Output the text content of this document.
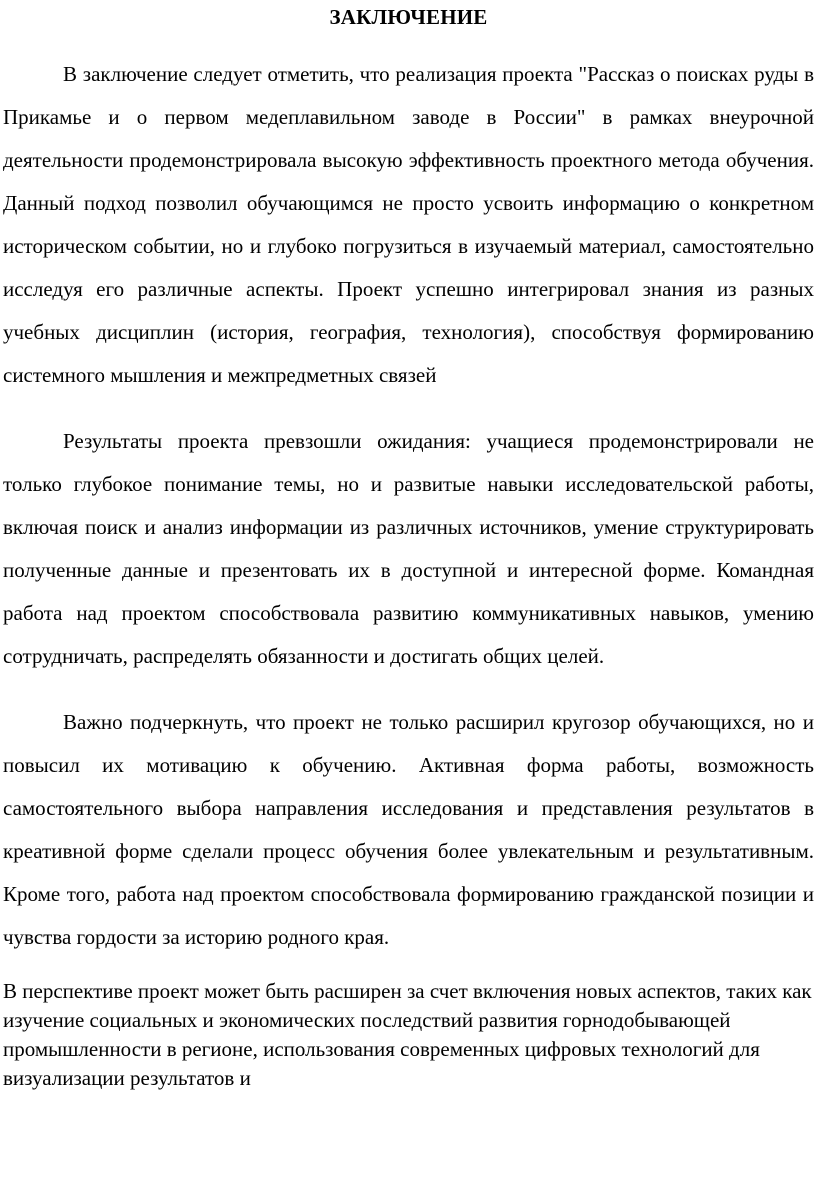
ЗАКЛЮЧЕНИЕ

В заключение следует отметить, что реализация проекта "Рассказ о поисках руды в Прикамье и о первом медеплавильном заводе в России" в рамках внеурочной деятельности продемонстрировала высокую эффективность проектного метода обучения. Данный подход позволил обучающимся не просто усвоить информацию о конкретном историческом событии, но и глубоко погрузиться в изучаемый материал, самостоятельно исследуя его различные аспекты. Проект успешно интегрировал знания из разных учебных дисциплин (история, география, технология), способствуя формированию системного мышления и межпредметных связей

Результаты проекта превзошли ожидания: учащиеся продемонстрировали не только глубокое понимание темы, но и развитые навыки исследовательской работы, включая поиск и анализ информации из различных источников, умение структурировать полученные данные и презентовать их в доступной и интересной форме. Командная работа над проектом способствовала развитию коммуникативных навыков, умению сотрудничать, распределять обязанности и достигать общих целей.

Важно подчеркнуть, что проект не только расширил кругозор обучающихся, но и повысил их мотивацию к обучению. Активная форма работы, возможность самостоятельного выбора направления исследования и представления результатов в креативной форме сделали процесс обучения более увлекательным и результативным. Кроме того, работа над проектом способствовала формированию гражданской позиции и чувства гордости за историю родного края.

В перспективе проект может быть расширен за счет включения новых аспектов, таких как изучение социальных и экономических последствий развития горнодобывающей промышленности в регионе, использования современных цифровых технологий для визуализации результатов и
